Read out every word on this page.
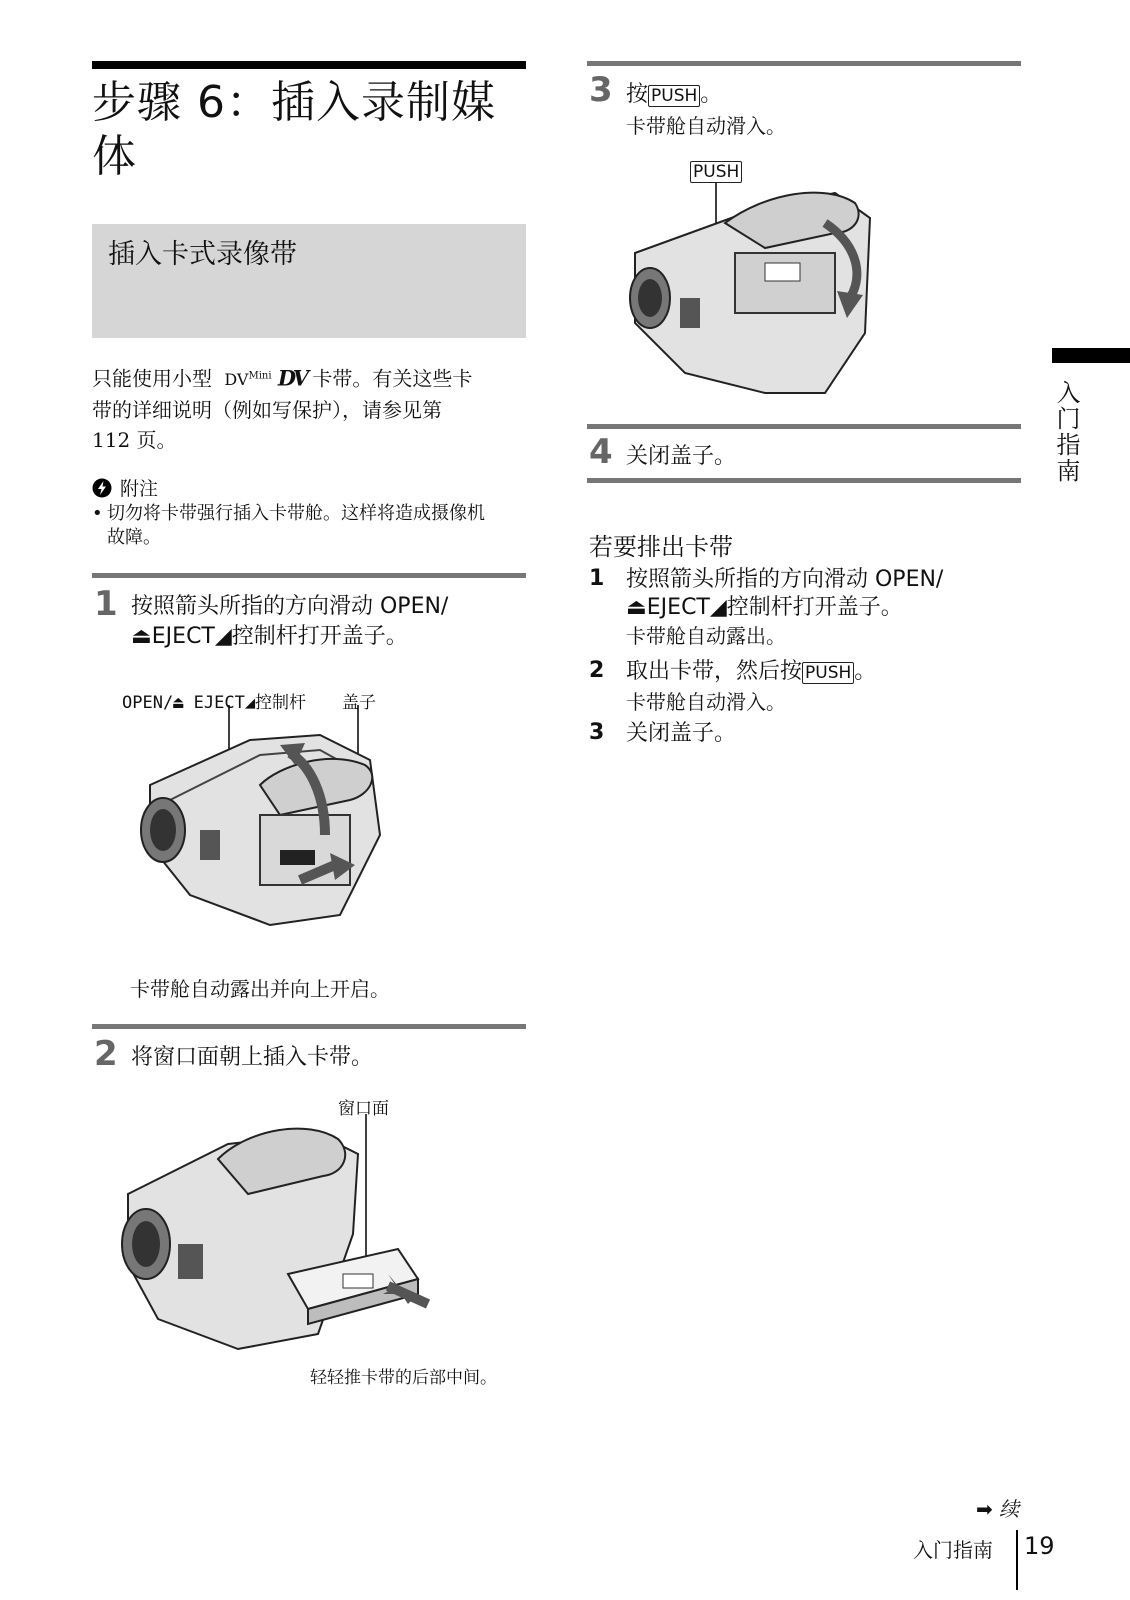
步骤 6：插入录制媒体
插入卡式录像带
只能使用小型 $DV^{Mini}$ DV 卡带。有关这些卡
带的详细说明（例如写保护），请参见第
112 页。
附注
• 切勿将卡带强行插入卡带舱。这样将造成摄像机
故障。
1 按照箭头所指的方向滑动 OPEN/
⏏EJECT◢控制杆打开盖子。
OPEN/⏏ EJECT◢控制杆 盖子
卡带舱自动露出并向上开启。
2 将窗口面朝上插入卡带。
窗口面
轻轻推卡带的后部中间。
3 按 PUSH 。
卡带舱自动滑入。
PUSH
4 关闭盖子。
若要排出卡带
1 按照箭头所指的方向滑动 OPEN/
⏏EJECT◢控制杆打开盖子。
卡带舱自动露出。
2 取出卡带，然后按 PUSH 。
卡带舱自动滑入。
3 关闭盖子。
入门指南
➡ 续
入门指南 19
